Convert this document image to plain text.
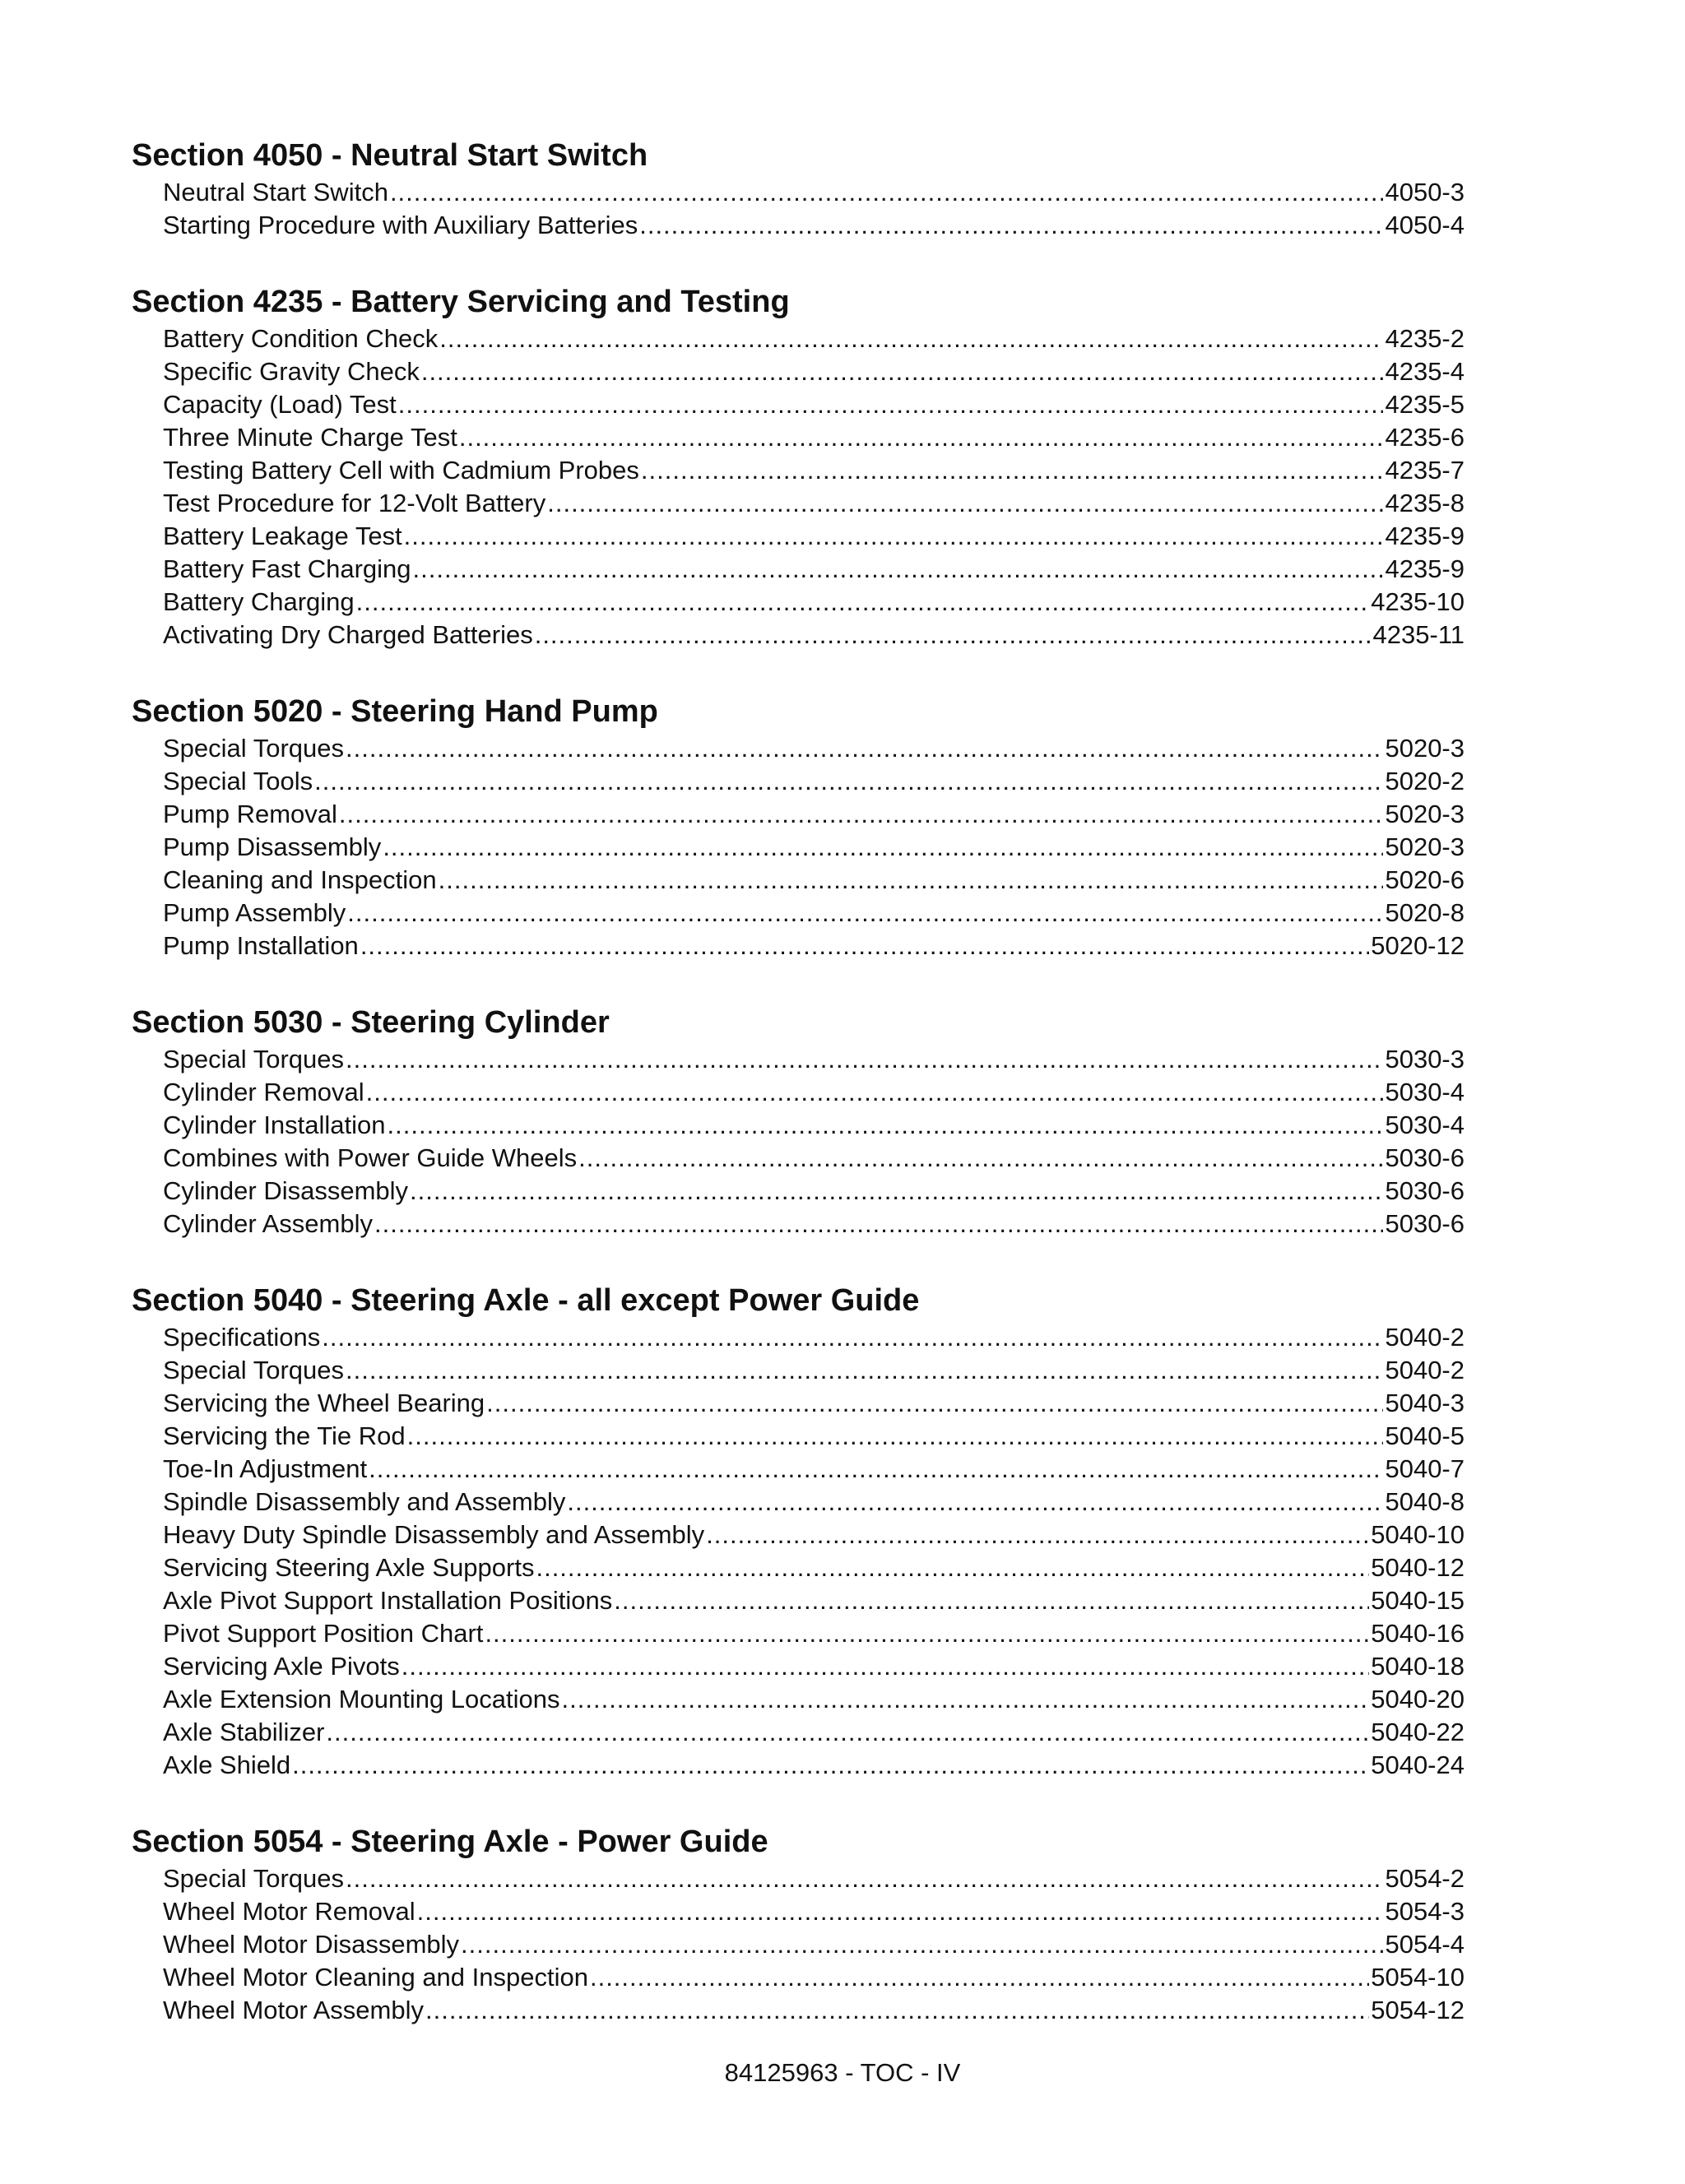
Section 4050 - Neutral Start Switch
Neutral Start Switch .....	4050-3
Starting Procedure with Auxiliary Batteries .....	4050-4
Section 4235 - Battery Servicing and Testing
Battery Condition Check .....	4235-2
Specific Gravity Check .....	4235-4
Capacity (Load) Test .....	4235-5
Three Minute Charge Test .....	4235-6
Testing Battery Cell with Cadmium Probes .....	4235-7
Test Procedure for 12-Volt Battery .....	4235-8
Battery Leakage Test .....	4235-9
Battery Fast Charging .....	4235-9
Battery Charging .....	4235-10
Activating Dry Charged Batteries .....	4235-11
Section 5020 - Steering Hand Pump
Special Torques .....	5020-3
Special Tools .....	5020-2
Pump Removal .....	5020-3
Pump Disassembly .....	5020-3
Cleaning and Inspection .....	5020-6
Pump Assembly .....	5020-8
Pump Installation .....	5020-12
Section 5030 - Steering Cylinder
Special Torques .....	5030-3
Cylinder Removal .....	5030-4
Cylinder Installation .....	5030-4
Combines with Power Guide Wheels .....	5030-6
Cylinder Disassembly .....	5030-6
Cylinder Assembly .....	5030-6
Section 5040 - Steering Axle - all except Power Guide
Specifications .....	5040-2
Special Torques .....	5040-2
Servicing the Wheel Bearing .....	5040-3
Servicing the Tie Rod .....	5040-5
Toe-In Adjustment .....	5040-7
Spindle Disassembly and Assembly .....	5040-8
Heavy Duty Spindle Disassembly and Assembly .....	5040-10
Servicing Steering Axle Supports .....	5040-12
Axle Pivot Support Installation Positions .....	5040-15
Pivot Support Position Chart .....	5040-16
Servicing Axle Pivots .....	5040-18
Axle Extension Mounting Locations .....	5040-20
Axle Stabilizer .....	5040-22
Axle Shield .....	5040-24
Section 5054 - Steering Axle - Power Guide
Special Torques .....	5054-2
Wheel Motor Removal .....	5054-3
Wheel Motor Disassembly .....	5054-4
Wheel Motor Cleaning and Inspection .....	5054-10
Wheel Motor Assembly .....	5054-12
84125963 - TOC - IV
